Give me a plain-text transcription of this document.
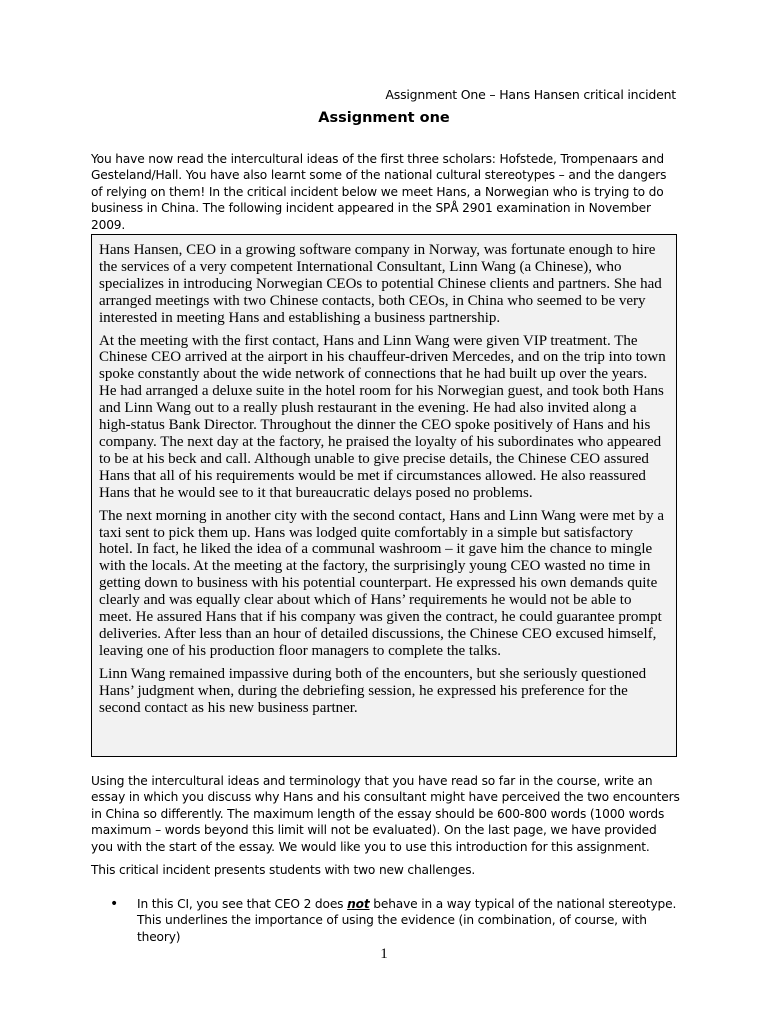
Assignment One – Hans Hansen critical incident
Assignment one
You have now read the intercultural ideas of the first three scholars: Hofstede, Trompenaars and Gesteland/Hall. You have also learnt some of the national cultural stereotypes – and the dangers of relying on them! In the critical incident below we meet Hans, a Norwegian who is trying to do business in China. The following incident appeared in the SPÅ 2901 examination in November 2009.

Hans Hansen, CEO in a growing software company in Norway, was fortunate enough to hire the services of a very competent International Consultant, Linn Wang (a Chinese), who specializes in introducing Norwegian CEOs to potential Chinese clients and partners. She had arranged meetings with two Chinese contacts, both CEOs, in China who seemed to be very interested in meeting Hans and establishing a business partnership.

At the meeting with the first contact, Hans and Linn Wang were given VIP treatment. The Chinese CEO arrived at the airport in his chauffeur-driven Mercedes, and on the trip into town spoke constantly about the wide network of connections that he had built up over the years. He had arranged a deluxe suite in the hotel room for his Norwegian guest, and took both Hans and Linn Wang out to a really plush restaurant in the evening. He had also invited along a high-status Bank Director. Throughout the dinner the CEO spoke positively of Hans and his company. The next day at the factory, he praised the loyalty of his subordinates who appeared to be at his beck and call. Although unable to give precise details, the Chinese CEO assured Hans that all of his requirements would be met if circumstances allowed. He also reassured Hans that he would see to it that bureaucratic delays posed no problems.

The next morning in another city with the second contact, Hans and Linn Wang were met by a taxi sent to pick them up. Hans was lodged quite comfortably in a simple but satisfactory hotel. In fact, he liked the idea of a communal washroom – it gave him the chance to mingle with the locals. At the meeting at the factory, the surprisingly young CEO wasted no time in getting down to business with his potential counterpart. He expressed his own demands quite clearly and was equally clear about which of Hans’ requirements he would not be able to meet. He assured Hans that if his company was given the contract, he could guarantee prompt deliveries. After less than an hour of detailed discussions, the Chinese CEO excused himself, leaving one of his production floor managers to complete the talks.

Linn Wang remained impassive during both of the encounters, but she seriously questioned Hans’ judgment when, during the debriefing session, he expressed his preference for the second contact as his new business partner.

Using the intercultural ideas and terminology that you have read so far in the course, write an essay in which you discuss why Hans and his consultant might have perceived the two encounters in China so differently. The maximum length of the essay should be 600-800 words (1000 words maximum – words beyond this limit will not be evaluated). On the last page, we have provided you with the start of the essay. We would like you to use this introduction for this assignment.

This critical incident presents students with two new challenges.

• In this CI, you see that CEO 2 does not behave in a way typical of the national stereotype. This underlines the importance of using the evidence (in combination, of course, with theory)
1
